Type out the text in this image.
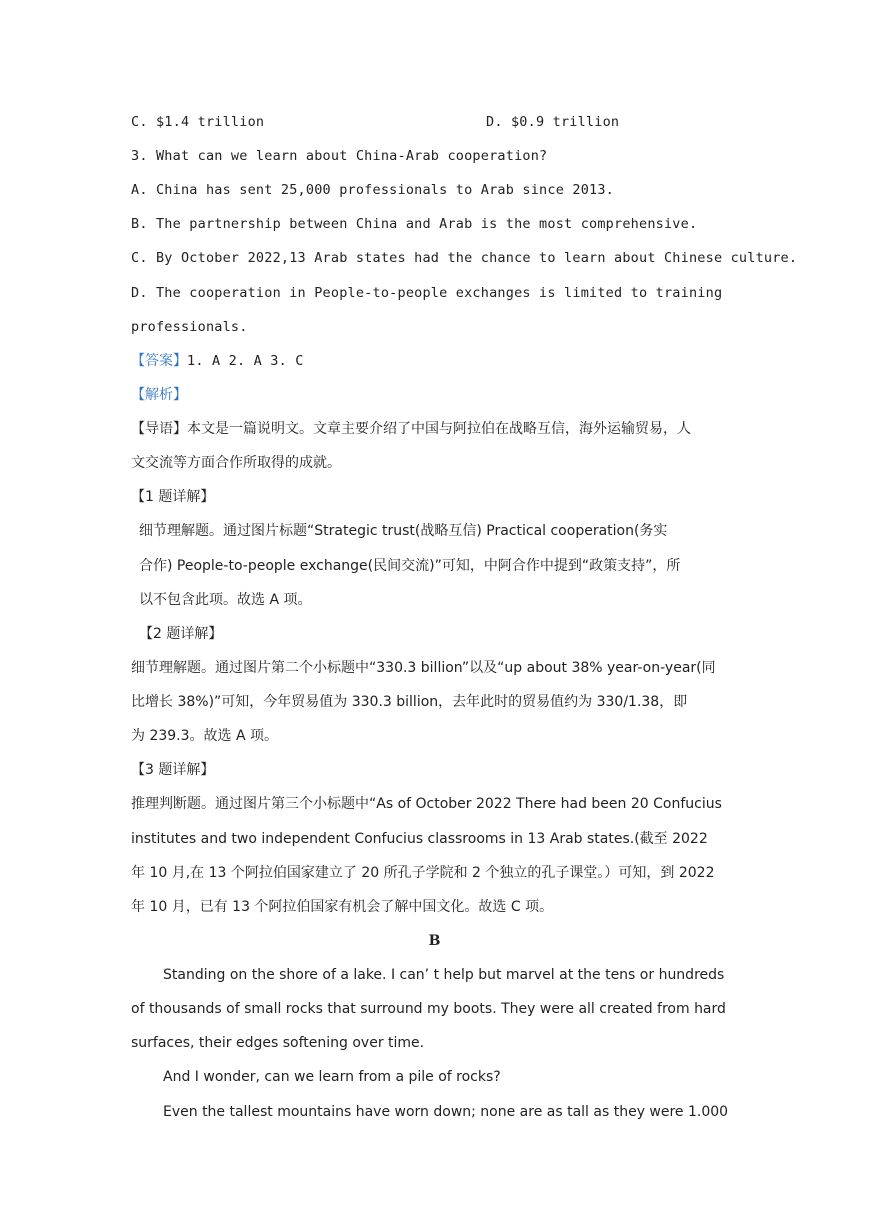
C. $1.4 trillion	D. $0.9 trillion
3. What can we learn about China-Arab cooperation?
A. China has sent 25,000 professionals to Arab since 2013.
B. The partnership between China and Arab is the most comprehensive.
C. By October 2022,13 Arab states had the chance to learn about Chinese culture.
D. The cooperation in People-to-people exchanges is limited to training
professionals.
【答案】1. A 2. A 3. C
【解析】
【导语】本文是一篇说明文。文章主要介绍了中国与阿拉伯在战略互信，海外运输贸易，人
文交流等方面合作所取得的成就。
【1 题详解】
细节理解题。通过图片标题“Strategic trust(战略互信) Practical cooperation(务实
合作) People-to-people exchange(民间交流)”可知，中阿合作中提到“政策支持”，所
以不包含此项。故选 A 项。
【2 题详解】
细节理解题。通过图片第二个小标题中“330.3 billion”以及“up about 38% year-on-year(同
比增长 38%)”可知，今年贸易值为 330.3 billion，去年此时的贸易值约为 330/1.38，即
为 239.3。故选 A 项。
【3 题详解】
推理判断题。通过图片第三个小标题中“As of October 2022 There had been 20 Confucius
institutes and two independent Confucius classrooms in 13 Arab states.(截至 2022
年 10 月,在 13 个阿拉伯国家建立了 20 所孔子学院和 2 个独立的孔子课堂。）可知，到 2022
年 10 月，已有 13 个阿拉伯国家有机会了解中国文化。故选 C 项。
B
Standing on the shore of a lake. I can’ t help but marvel at the tens or hundreds
of thousands of small rocks that surround my boots. They were all created from hard
surfaces, their edges softening over time.
And I wonder, can we learn from a pile of rocks?
Even the tallest mountains have worn down; none are as tall as they were 1.000
